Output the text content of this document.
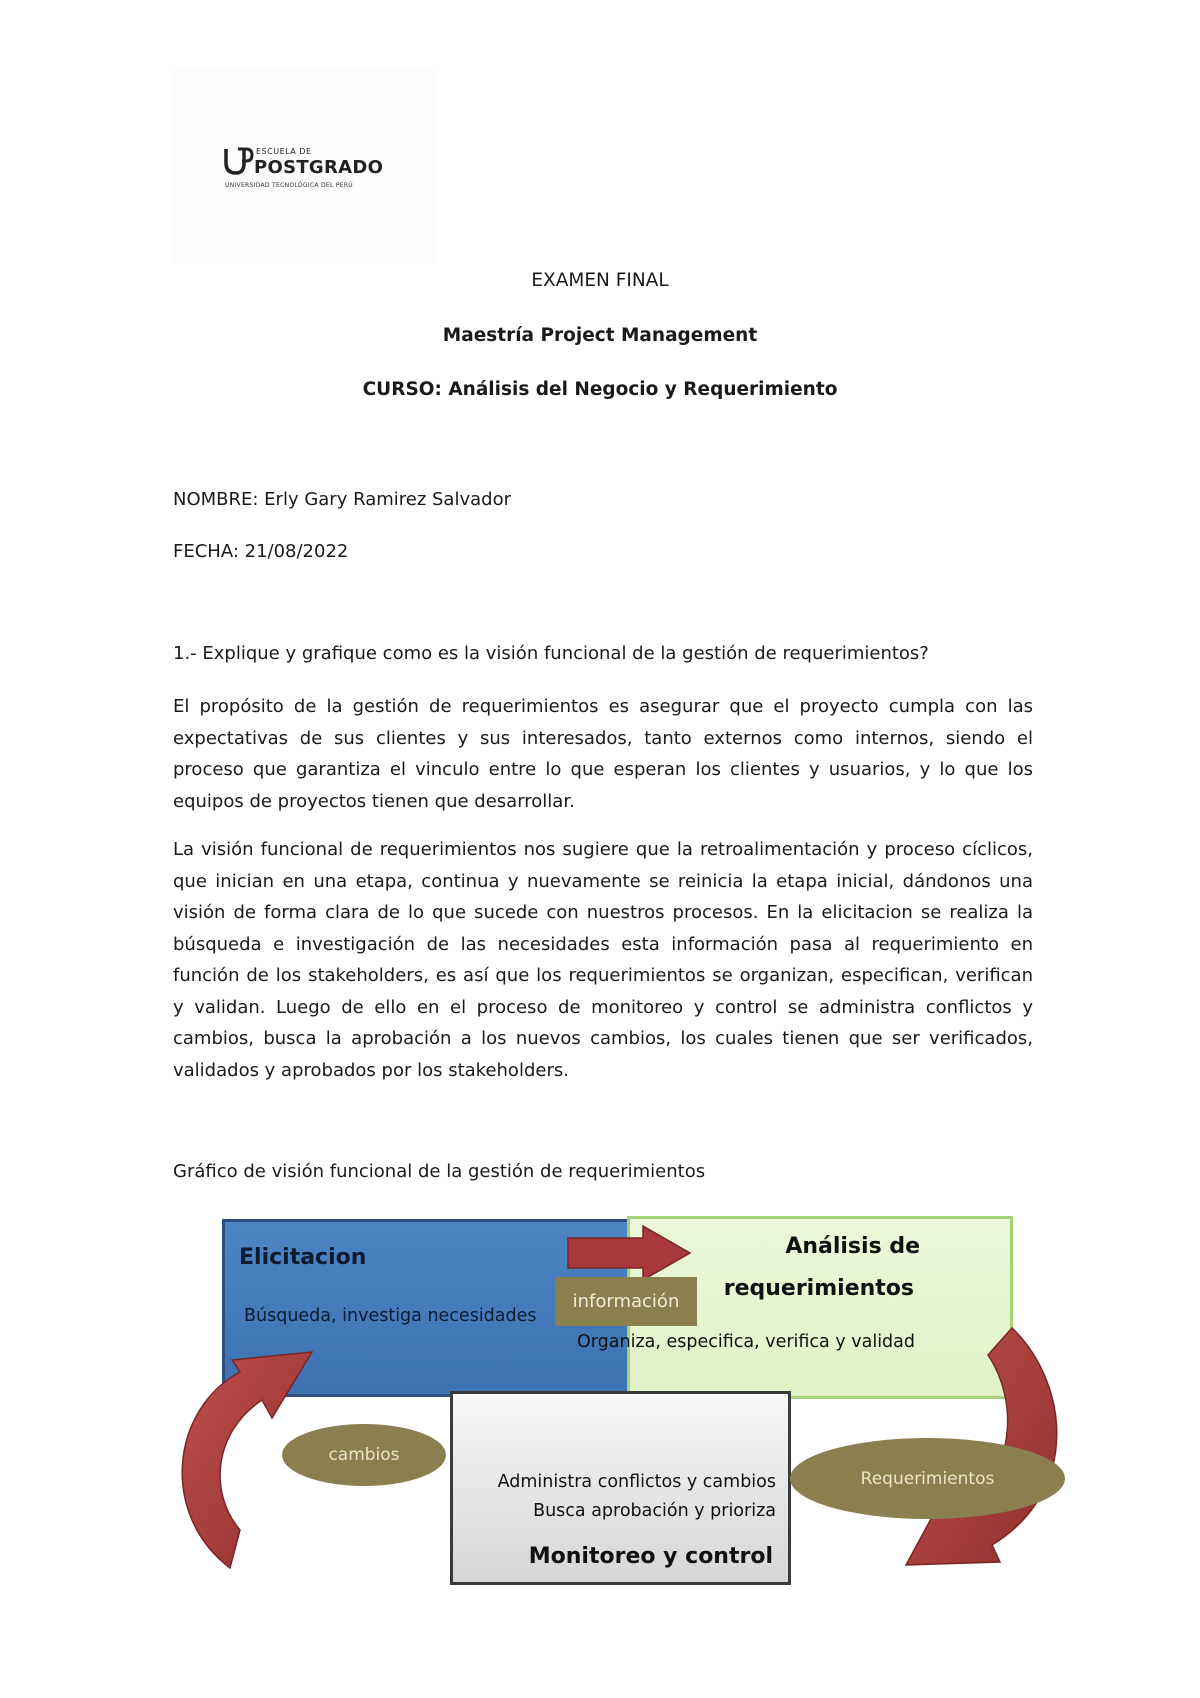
ESCUELA DE
POSTGRADO
UNIVERSIDAD TECNOLÓGICA DEL PERÚ
EXAMEN FINAL
Maestría Project Management
CURSO: Análisis del Negocio y Requerimiento
NOMBRE: Erly Gary Ramirez Salvador
FECHA: 21/08/2022
1.- Explique y grafique como es la visión funcional de la gestión de requerimientos?
El propósito de la gestión de requerimientos es asegurar que el proyecto cumpla con las expectativas de sus clientes y sus interesados, tanto externos como internos, siendo el proceso que garantiza el vinculo entre lo que esperan los clientes y usuarios, y lo que los equipos de proyectos tienen que desarrollar.
La visión funcional de requerimientos nos sugiere que la retroalimentación y proceso cíclicos, que inician en una etapa, continua y nuevamente se reinicia la etapa inicial, dándonos una visión de forma clara de lo que sucede con nuestros procesos. En la elicitacion se realiza la búsqueda e investigación de las necesidades esta información pasa al requerimiento en función de los stakeholders, es así que los requerimientos se organizan, especifican, verifican y validan. Luego de ello en el proceso de monitoreo y control se administra conflictos y cambios, busca la aprobación a los nuevos cambios, los cuales tienen que ser verificados, validados y aprobados por los stakeholders.
Gráfico de visión funcional de la gestión de requerimientos
Elicitacion
Búsqueda, investiga necesidades
Análisis de
requerimientos
Organiza, especifica, verifica y validad
Administra conflictos y cambios
Busca aprobación y prioriza
Monitoreo y control
información
cambios
Requerimientos
